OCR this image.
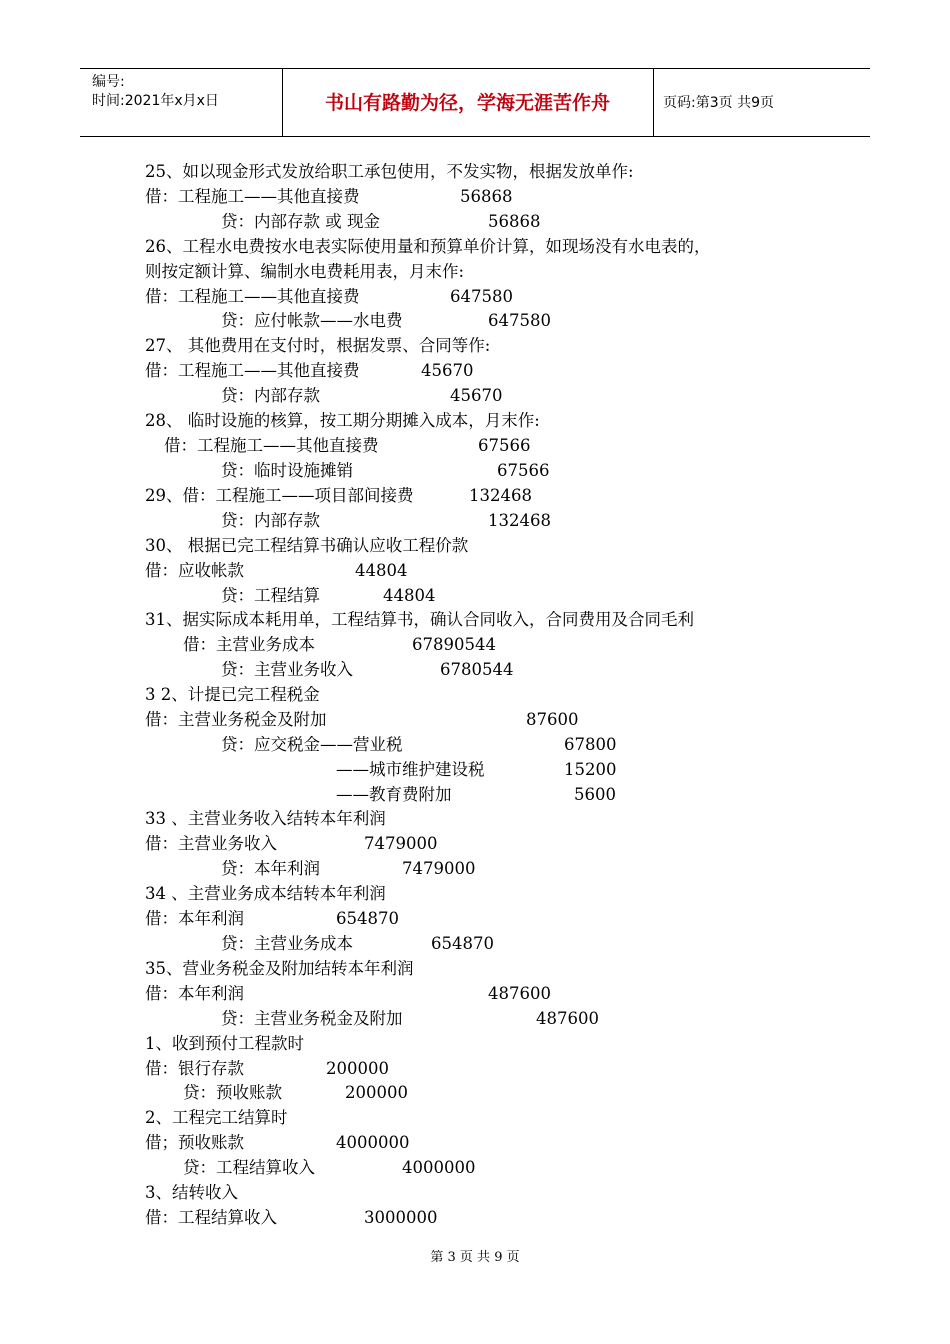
编号:
时间:2021年x月x日	书山有路勤为径，学海无涯苦作舟	页码:第3页 共9页
25、如以现金形式发放给职工承包使用，不发实物，根据发放单作:
借：工程施工——其他直接费	56868
贷：内部存款 或 现金	56868
26、工程水电费按水电表实际使用量和预算单价计算，如现场没有水电表的，
则按定额计算、编制水电费耗用表，月末作:
借：工程施工——其他直接费	647580
贷：应付帐款——水电费	647580
27、 其他费用在支付时，根据发票、合同等作:
借：工程施工——其他直接费	45670
贷：内部存款	45670
28、 临时设施的核算，按工期分期摊入成本，月末作:
借：工程施工——其他直接费	67566
贷：临时设施摊销	67566
29、借：工程施工——项目部间接费	132468
贷：内部存款	132468
30、 根据已完工程结算书确认应收工程价款
借：应收帐款	44804
贷：工程结算	44804
31、据实际成本耗用单，工程结算书，确认合同收入，合同费用及合同毛利
借：主营业务成本	67890544
贷：主营业务收入	6780544
3 2、计提已完工程税金
借：主营业务税金及附加	87600
贷：应交税金——营业税	67800
——城市维护建设税	15200
——教育费附加	5600
33 、主营业务收入结转本年利润
借：主营业务收入	7479000
贷：本年利润	7479000
34 、主营业务成本结转本年利润
借：本年利润	654870
贷：主营业务成本	654870
35、营业务税金及附加结转本年利润
借：本年利润	487600
贷：主营业务税金及附加	487600
1、收到预付工程款时
借：银行存款	200000
贷：预收账款	200000
2、工程完工结算时
借；预收账款	4000000
贷：工程结算收入	4000000
3、结转收入
借：工程结算收入	3000000
第 3 页 共 9 页
